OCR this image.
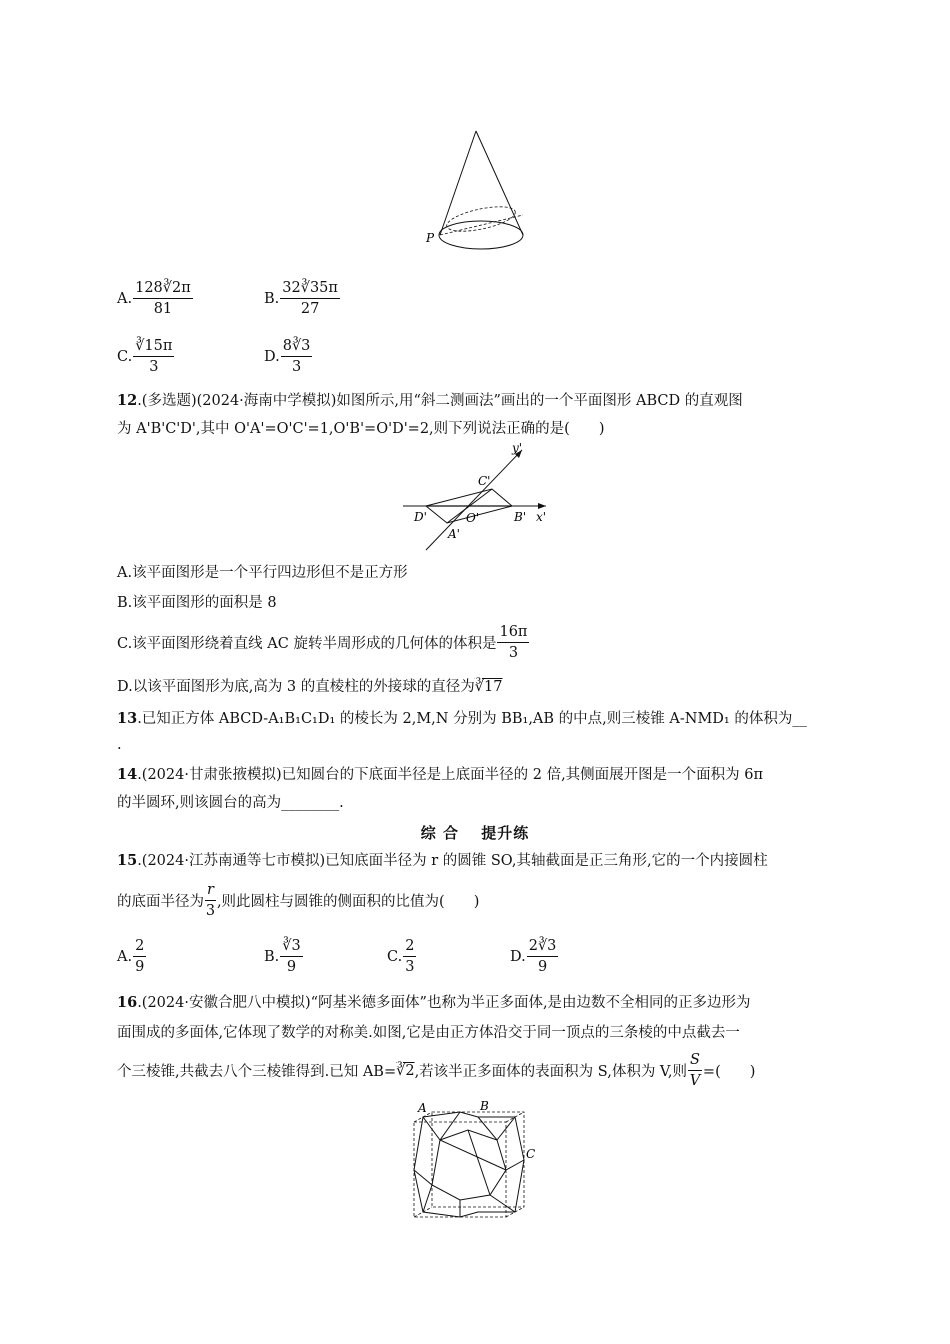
P
A. $\frac{128∛2\pi}{81}$	B. $\frac{32∛35\pi}{27}$
C. $\frac{∛15\pi}{3}$	D. $\frac{8∛3}{3}$
12.(多选题)(2024·海南中学模拟)如图所示,用“斜二测画法”画出的一个平面图形 ABCD 的直观图
为 A'B'C'D',其中 O'A'=O'C'=1,O'B'=O'D'=2,则下列说法正确的是(　　)
y'
x'
C'
D'	O'	B'
A'
A.该平面图形是一个平行四边形但不是正方形
B.该平面图形的面积是 8
C.该平面图形绕着直线 AC 旋转半周形成的几何体的体积是 $\frac{16\pi}{3}$
D.以该平面图形为底,高为 3 的直棱柱的外接球的直径为∛17
13.已知正方体 ABCD-A₁B₁C₁D₁ 的棱长为 2,M,N 分别为 BB₁,AB 的中点,则三棱锥 A-NMD₁ 的体积为__
.
14.(2024·甘肃张掖模拟)已知圆台的下底面半径是上底面半径的 2 倍,其侧面展开图是一个面积为 6π
的半圆环,则该圆台的高为________.
综 合　 提升练
15.(2024·江苏南通等七市模拟)已知底面半径为 r 的圆锥 SO,其轴截面是正三角形,它的一个内接圆柱
的底面半径为 $\frac{r}{3}$ ,则此圆柱与圆锥的侧面积的比值为(　　)
A. $\frac{2}{9}$	B. $\frac{∛3}{9}$	C. $\frac{2}{3}$	D. $\frac{2∛3}{9}$
16.(2024·安徽合肥八中模拟)“阿基米德多面体”也称为半正多面体,是由边数不全相同的正多边形为
面围成的多面体,它体现了数学的对称美.如图,它是由正方体沿交于同一顶点的三条棱的中点截去一
个三棱锥,共截去八个三棱锥得到.已知 AB= ∛2 ,若该半正多面体的表面积为 S,体积为 V,则 $\frac{S}{V}$ =(　　)
A	B
C
